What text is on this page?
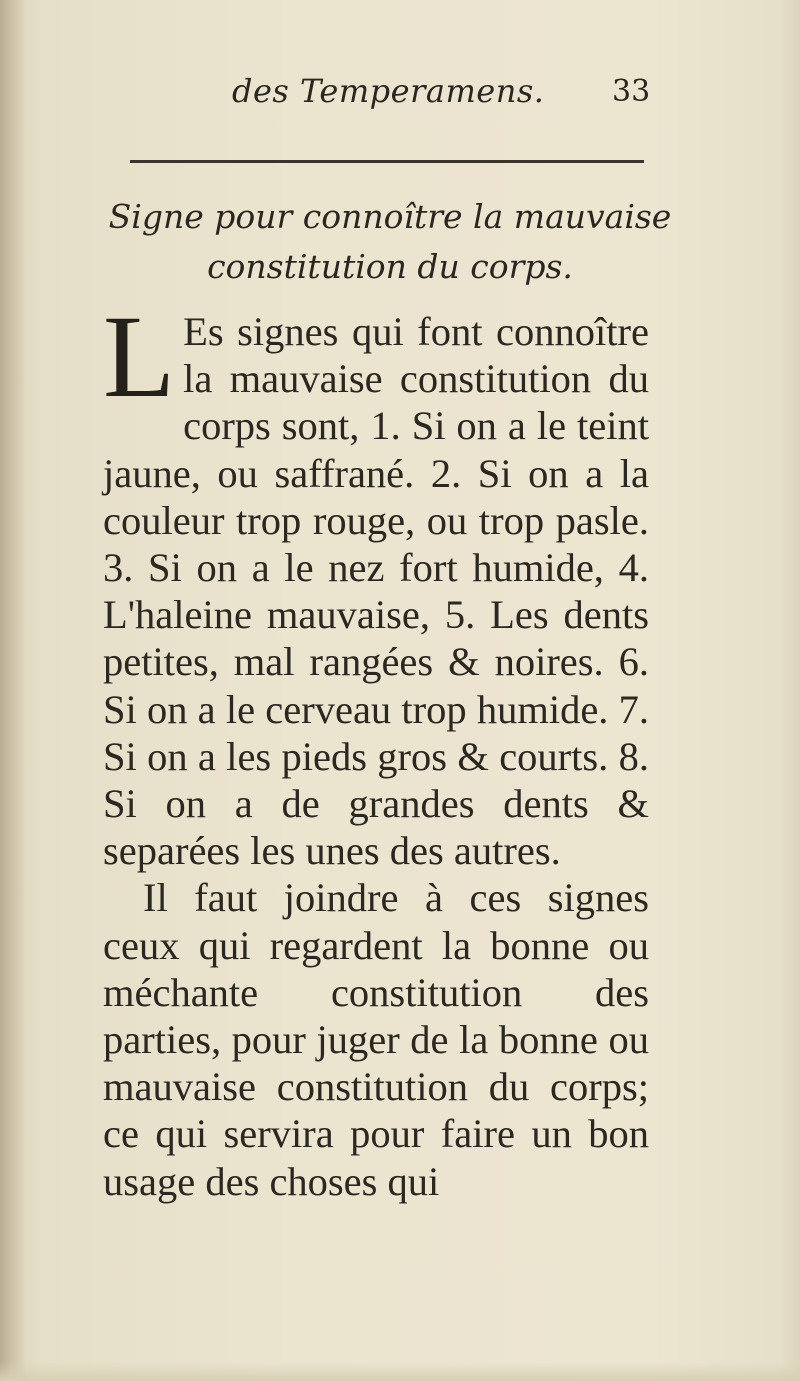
des Temperamens. 33
Signe pour connoître la mauvaise constitution du corps.

L Es signes qui font connoître la mauvaise constitution du corps sont, 1. Si on a le teint jaune, ou saffrané. 2. Si on a la couleur trop rouge, ou trop pasle. 3. Si on a le nez fort humide, 4. L'haleine mauvaise, 5. Les dents petites, mal rangées & noires. 6. Si on a le cerveau trop humide. 7. Si on a les pieds gros & courts. 8. Si on a de grandes dents & separées les unes des autres.

Il faut joindre à ces signes ceux qui regardent la bonne ou méchante constitution des parties, pour juger de la bonne ou mauvaise constitution du corps; ce qui servira pour faire un bon usage des choses qui
